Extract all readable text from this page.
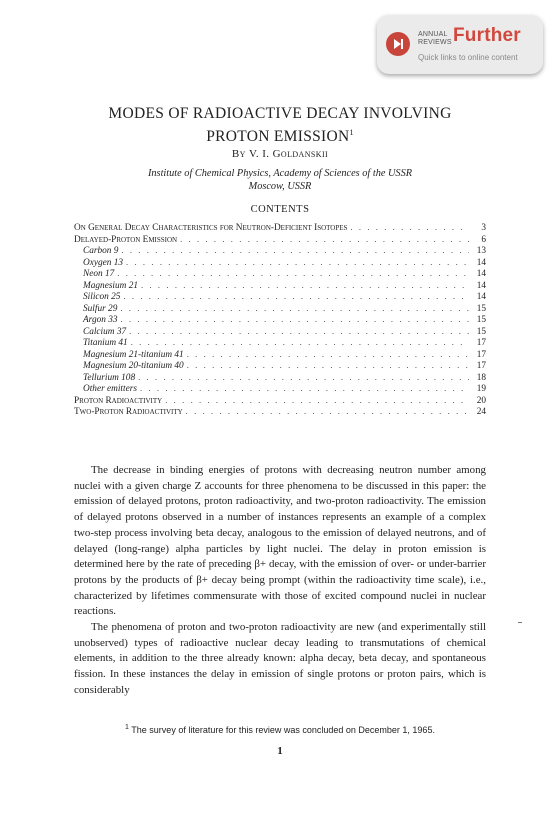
ANNUAL
REVIEWS Further
Quick links to online content
MODES OF RADIOACTIVE DECAY INVOLVING
PROTON EMISSION$^1$
By V. I. Goldanskii
Institute of Chemical Physics, Academy of Sciences of the USSR
Moscow, USSR
CONTENTS
On General Decay Characteristics for Neutron-Deficient Isotopes . . .	3
Delayed-Proton Emission . . .	6
Carbon 9 . . .	13
Oxygen 13 . . .	14
Neon 17 . . .	14
Magnesium 21 . . .	14
Silicon 25 . . .	14
Sulfur 29 . . .	15
Argon 33 . . .	15
Calcium 37 . . .	15
Titanium 41 . . .	17
Magnesium 21-titanium 41 . . .	17
Magnesium 20-titanium 40 . . .	17
Tellurium 108 . . .	18
Other emitters . . .	19
Proton Radioactivity . . .	20
Two-Proton Radioactivity . . .	24

The decrease in binding energies of protons with decreasing neutron number among nuclei with a given charge Z accounts for three phenomena to be discussed in this paper: the emission of delayed protons, proton radioactivity, and two-proton radioactivity. The emission of delayed protons observed in a number of instances represents an example of a complex two-step process involving beta decay, analogous to the emission of delayed neutrons, and of delayed (long-range) alpha particles by light nuclei. The delay in proton emission is determined here by the rate of preceding β+ decay, with the emission of over- or under-barrier protons by the products of β+ decay being prompt (within the radioactivity time scale), i.e., characterized by lifetimes commensurate with those of excited compound nuclei in nuclear reactions.

The phenomena of proton and two-proton radioactivity are new (and experimentally still unobserved) types of radioactive nuclear decay leading to transmutations of chemical elements, in addition to the three already known: alpha decay, beta decay, and spontaneous fission. In these instances the delay in emission of single protons or proton pairs, which is considerably

$^1$ The survey of literature for this review was concluded on December 1, 1965.
1
